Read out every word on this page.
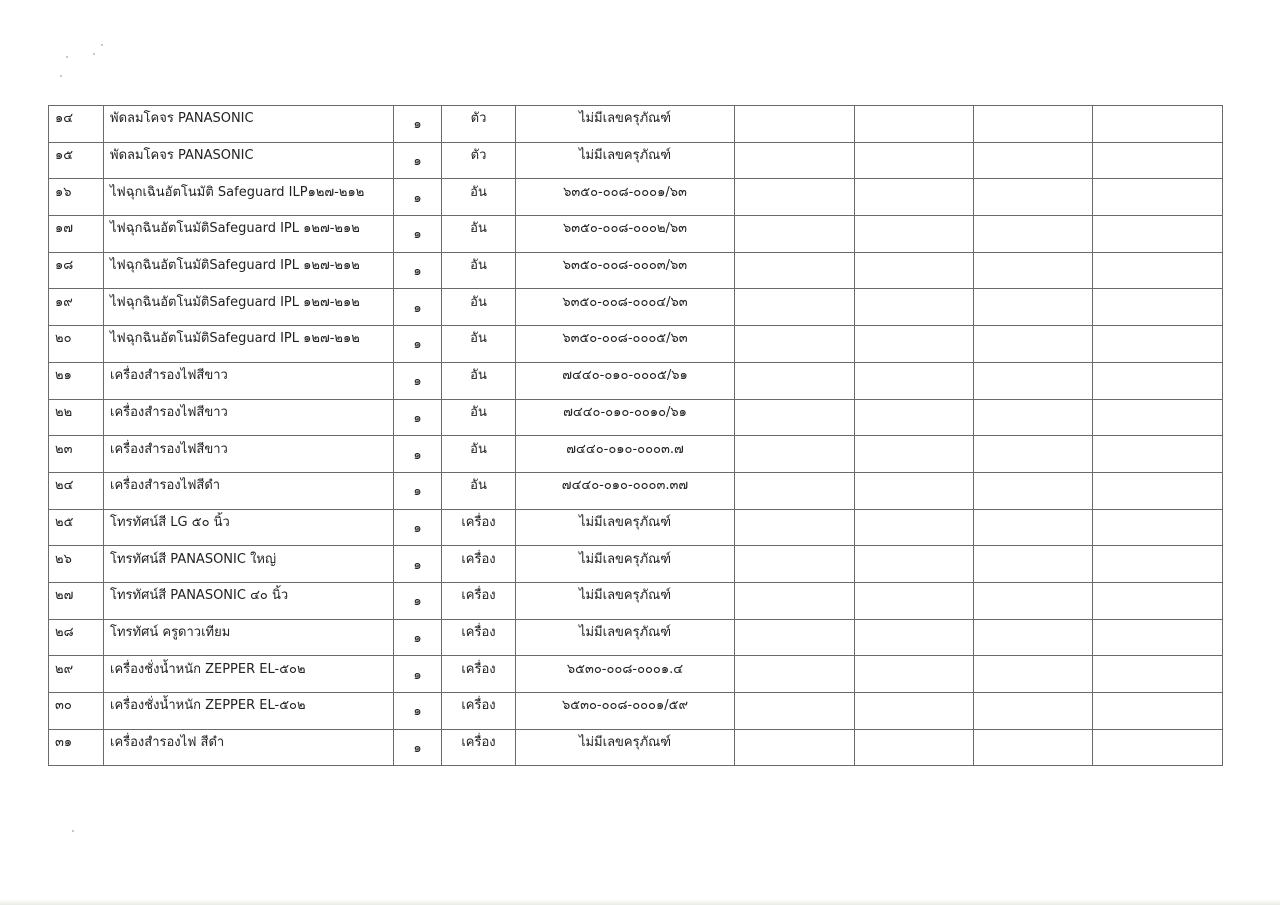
๑๔	พัดลมโคจร PANASONIC	๑	ตัว	ไม่มีเลขครุภัณฑ์				
๑๕	พัดลมโคจร PANASONIC	๑	ตัว	ไม่มีเลขครุภัณฑ์				
๑๖	ไฟฉุกเฉินอัตโนมัติ Safeguard ILP๑๒๗-๒๑๒	๑	อัน	๖๓๕๐-๐๐๘-๐๐๐๑/๖๓				
๑๗	ไฟฉุกฉินอัตโนมัติSafeguard IPL ๑๒๗-๒๑๒	๑	อัน	๖๓๕๐-๐๐๘-๐๐๐๒/๖๓				
๑๘	ไฟฉุกฉินอัตโนมัติSafeguard IPL ๑๒๗-๒๑๒	๑	อัน	๖๓๕๐-๐๐๘-๐๐๐๓/๖๓				
๑๙	ไฟฉุกฉินอัตโนมัติSafeguard IPL ๑๒๗-๒๑๒	๑	อัน	๖๓๕๐-๐๐๘-๐๐๐๔/๖๓				
๒๐	ไฟฉุกฉินอัตโนมัติSafeguard IPL ๑๒๗-๒๑๒	๑	อัน	๖๓๕๐-๐๐๘-๐๐๐๕/๖๓				
๒๑	เครื่องสำรองไฟสีขาว	๑	อัน	๗๔๔๐-๐๑๐-๐๐๐๕/๖๑				
๒๒	เครื่องสำรองไฟสีขาว	๑	อัน	๗๔๔๐-๐๑๐-๐๐๑๐/๖๑				
๒๓	เครื่องสำรองไฟสีขาว	๑	อัน	๗๔๔๐-๐๑๐-๐๐๐๓.๗				
๒๔	เครื่องสำรองไฟสีดำ	๑	อัน	๗๔๔๐-๐๑๐-๐๐๐๓.๓๗				
๒๕	โทรทัศน์สี LG ๕๐ นิ้ว	๑	เครื่อง	ไม่มีเลขครุภัณฑ์				
๒๖	โทรทัศน์สี PANASONIC ใหญ่	๑	เครื่อง	ไม่มีเลขครุภัณฑ์				
๒๗	โทรทัศน์สี PANASONIC ๔๐ นิ้ว	๑	เครื่อง	ไม่มีเลขครุภัณฑ์				
๒๘	โทรทัศน์ ครูดาวเทียม	๑	เครื่อง	ไม่มีเลขครุภัณฑ์				
๒๙	เครื่องชั่งน้ำหนัก ZEPPER EL-๕๐๒	๑	เครื่อง	๖๕๓๐-๐๐๘-๐๐๐๑.๔				
๓๐	เครื่องชั่งน้ำหนัก ZEPPER EL-๕๐๒	๑	เครื่อง	๖๕๓๐-๐๐๘-๐๐๐๑/๕๙				
๓๑	เครื่องสำรองไฟ สีดำ	๑	เครื่อง	ไม่มีเลขครุภัณฑ์				
